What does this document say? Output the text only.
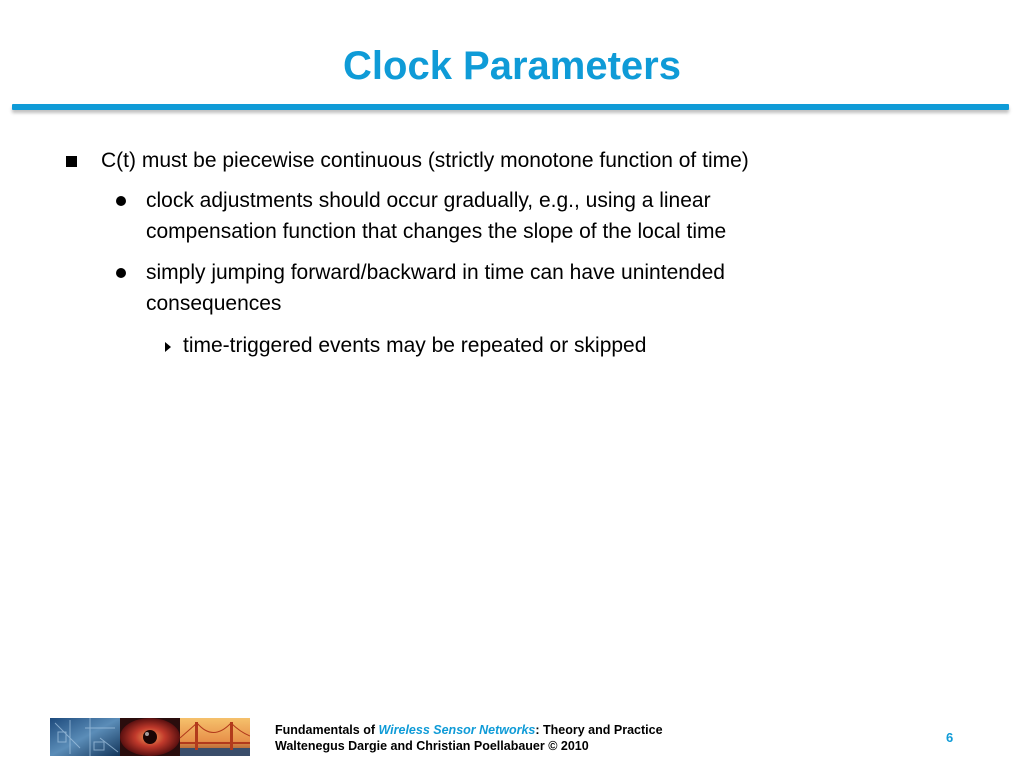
Clock Parameters
C(t) must be piecewise continuous (strictly monotone function of time)
clock adjustments should occur gradually, e.g., using a linear
compensation function that changes the slope of the local time
simply jumping forward/backward in time can have unintended
consequences
time-triggered events may be repeated or skipped
Fundamentals of Wireless Sensor Networks: Theory and Practice
Waltenegus Dargie and Christian Poellabauer © 2010
6
